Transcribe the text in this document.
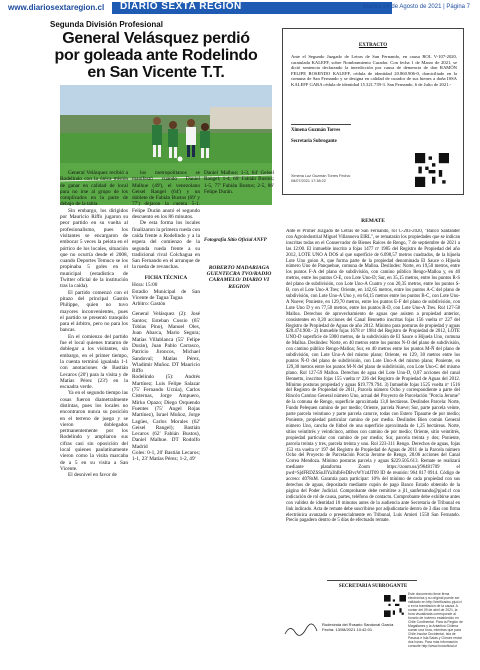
www.diariosextaregion.cl DIARIO SEXTA REGIÓN	Martes 24 de Agosto de 2021 | Página 7
Segunda División Profesional
General Velásquez perdió por goleada ante Rodelindo en San Vicente T.T.

General Velásquez recibió a Rodelindo con la única misión de ganar en calidad de local para no irse al grupo de los complicados en la parte de debajo de la tabla.

Sin embargo, los dirigidos por Mauricio Riffo jugaron su peor partido en su vuelta al profesionalismo, pues los visitantes se encargaron de embocar 5 veces la pelota en el pórtico de los locales, situación que no ocurría desde el 2008, cuando Deportes Temuco se los propinaba 5 goles en el municipal (estadística de Twitter oficial de la institución tras la caída).

El partido comenzó con el pitazo del principal Gastón Philippe, quien no tuvo mayores inconvenientes, pues el partido se presentó tranquilo para el árbitro, pero no para los bancas.

En el comienzo del partido fue el local quienes trataron de doblegar a los visitantes, sin embargo, en el primer tiempo, la cuenta terminó igualada 1-1 con anotaciones de Bastián Lecaros (20') para la visita y de Matías Pérez (23') en la escuadra verde.

Ya en el segundo tiempo las cosas fueron diametralmente distintas, pues los locales no encontraron nunca su posición en el terreno de juego y se vieron doblegados permanentemente por los Rodelindo y ampliaron sus cifras casi sin oposición del local quienes paulatinamente vieron como la visita marcaba de a 5 en su visita a San Vicente.

El desnivel en favor de

los metropolitanos se manifestó cuando Daniel Malhue (49'), el venezolano Geisel Rangel (64') y un doblete de Fabián Bustos (69' y 77') dejaron la cuenta 5-1. Felipe Durán anotó el segundo descuento en los 86 minutos.

De esta forma los locales finalizaron la primera rueda con caída frente a Rodelindo y a la espera del comienzo de la segunda rueda frente a su tradicional rival Colchagua en San Fernando en el arranque de la rueda de revanchas.

FICHA TÉCNICA

Hora: 15:00

Estadio Municipal de San Vicente de Tagua Tagua

Arbitro: Gastón

General Velásquez (2): José Santos; Esteban Cossio (65' Tobías Pino), Manuel Oles, Juan Abarca, Mario Segura; Matías Villablanca (55' Felipe Durán), Juan Pablo Carrasco, Patricio Jironcos, Michael Sandoval; Matías Pérez, Wladimir Muñoz. DT Mauricio Riffo

Rodelindo (5): Andrés Martínez; Luis Felipe Salazar (75' Fernando Urzúa), Carlos Cisternas, Jorge Ampuero, Mirko Opazo; Diego Orquendo Fuentes (75' Angel Rojas Martínez), Israel Muñoz, Jorge Lagües, Carlos Morales (62' Geisel Rangel); Bastián Lecaros (62' Fabián Bustos), Daniel Malhue. DT Rodolfo Madrid

Goles: 0-1, 20' Bastián Lecaros; 1-1, 23' Matías Pérez; 1-2, 49'

Daniel Malhue; 1-3, 64' Geisel Rangel; 1-4, 69' Fabián Bustos; 1-5, 77' Fabián Bustos; 2-5, 86' Felipe Durán.

Fotografía Sitio Oficial ANFP
ROBERTO MADARIAGA GUENTECRA TVO/RADIO CARAMELO/ DIARIO VI REGION
EXTRACTO
Ante el Segundo Juzgado de Letras de San Fernando, en causa ROL V-107-2020, caratulada KALEFF, sobre Nombramiento Curador. Con fecha 1 de Marzo de 2021, se dictó sentencia declarando la interdicción por causa de demencia de don RAMÓN FELIPE ROSENDO KALEFF, cédula de identidad 20.860.906-0, domiciliado en la comuna de San Fernando y se designa en calidad de curador de sus bienes a doña ISSA KALEFF GARA cédula de identidad 15.321.739-3. San Fernando, 6 de Julio de 2021.-
Ximena Guzmán Torres
Secretaria Subrogante
Ximena Luz Guzman Torres Fecha: 08/07/2021 17:38:22
REMATE
Ante el Primer Juzgado de Letras de San Fernando, rol C-203-2020, "Banco Santander con Agroindustrial Miguel Villanueva EIRL", se rematarán los propiedades que se indican inscritas todas en el Conservador de Bienes Raíces de Rengo, 7 de septiembre de 2021 a las 12:00. El inmueble inscrito a fojas 1477 nº 1985 del Registro de Propiedad del año 2012, LOTE UNO A DOS al que superficie de 6.098,57 metros cuadrados, de la hijuela Lote Uno guion A, que forma parte de la propiedad denominada El Sauce o Hijuela número Uno de Panquehue, comuna de Malloa. Deslindes: Norte, en 19,50 metros, entre los puntos F-A del plano de subdivisión, con camino público Rengo-Malloa y, en 40 metros, entre los puntos O-E, con Lote Uno-D; Sur, en 35,15 metros, entre los puntos R-S del plano de subdivisión, con Lote Uno-A Cuatro y con 20,35 metros, entre los puntos S-B, con el Lote Uno-A Tres; Oriente, en 142,65 metros, entre los puntos A-C del plano de subdivisión, con Lote Uno-A Uno y, en 64,15 metros entre los puntos B-C, con Lote Uno-A Nueve; Poniente, en 129,70 metros, entre los puntos E-F del plano de subdivisión, con Lote Uno D y en 77,50 metros, entre los puntos R-D, con Lote Uno-A Tres. Rol 127-58 Malloa. Derechos de aprovechamiento de aguas que asisten a propiedad anterior, consistentes en 0,20 acciones del Canal Bennetto inscritas fojas 156 vuelta nº 227 del Registro de Propiedad de Aguas de año 2012. Mínimo para posturas de propiedad y aguas $20.474.900.- 2) Inmueble fojas 1678 nº 1984 del Registro de Propiedad de 2012, LOTE UNO-D superficie de 5900 metros, de la subdivisión de El Sauce o Hijuela Uno, comuna de Malloa. Deslindes: Norte, en 40 metros entre los puntos N-O del plano de subdivisión, con camino público Rengo-Malloa; Sur, en 40 metros entre los puntos M-Ñ del plano de subdivisión, con Lote Uno-A del mismo plano; Oriente, en 129, 30 metros entre los puntos Ñ-O del plano de subdivisión, con Lote Uno-A del mismo plano; Poniente, en 129,30 metros entre los puntos M-N del plano de subdivisión, con Lote Uno-C del mismo plano. Rol 127-59 Malloa. Derechos de agua del Lote Uno-D, 0,07 acciones del canal Bennetto, inscritos fojas 155 vuelta nº 226 del Registro de Propiedad de Aguas del 2012. Mínimo posturas propiedad y aguas $19.779.794. 3) Inmueble fojas 1525 vuelta nº 1516 del Registro de Propiedad de 2011, Parcela número Ocho y correspondiente a parte del Rincón Camino General número Uno, actual del Proyecto de Parcelación "Porcia Jerome" de la comuna de Rengo, superficie aproximada 13,8 hectáreas. Deslindes Parcela: Norte, Fundo Pelequen camino de por medio; Oriente, parcela Nueve; Sur, parte parcela veinte, parte parcela veintiuno y parte parcela catorce, todas con Estero Tipaume de por medio; Poniente, propiedad particular camino de por medio. Deslindes Bien común General número Uno, cancha de fútbol de una superficie aproximada de 1,25 hectáreas. Norte, sitios veintitrés y veinticinco, ambos con camino de por medio; Oriente, sitio veintitrés, propiedad particular con camino de por medio; Sur, parcela treinta y dos; Poniente, parcela treinta y tres, parcela treinta y uno. Rol 223-311 Rengo. Derechos de aguas, fojas 153 vta vuelta nº 197 del Registro de Propiedad de Aguas de 2011 de la Parcela número Ocho del Proyecto de Parcelación Porcia Jerome de Rengo, 28.06 acciones del Canal Correa Mendoza. Mínimo posturas parcela y aguas $229.505.613. Remate se realizará mediante plataforma Zoom https://zoom.us/j/96481709 el pwd=SjdFRDZSSnJIYa3hIbFeDBvcWYzdJT09 ID de reunión: 964 817 0914. Código de acceso: d078sM. Garantía para participar: 10% del mínimo de cada propiedad con sus derechos de aguas, depositado mediante cupón de pago Banco Estado obtenido de la página del Poder Judicial. Comprobante debe remitirse a jl1_sanfernando@pjud.cl con indicación de rol de causa, partes, teléfono de contacto. Comprobante debe exhibirse antes con validez de identidad 10 minutos antes de la audiencia ante Secretaria de Tribunal en link indicado. Acta de remate debe suscribirse por adjudicatario dentro de 3 días con firma electrónica avanzada o presencialmente en Tribunal, Luis Amieri 1550 San Fernando. Precio pagadero dentro de 5 días de efectuado remate.
SECRETARIA SUBROGANTE
Este documento tiene firma electrónica y su original puede ser validado en http://verificadoc.pjud.cl o en la tramitación de la causa. A contar del 09 de abril de 2021, la hora visualizada corresponde al horario de invierno establecido en Chile Continental. Para la Región de Magallanes y la Antártica Chilena sumar una hora, mientras que para Chile Insular Occidental, Isla de Pascua e Isla Salas y Gómez restar dos horas. Para más información consulte http://www.horaoficial.cl
Rudecinda del Rosario Sandoval García
Fecha: 13/08/2021 10:42:01
